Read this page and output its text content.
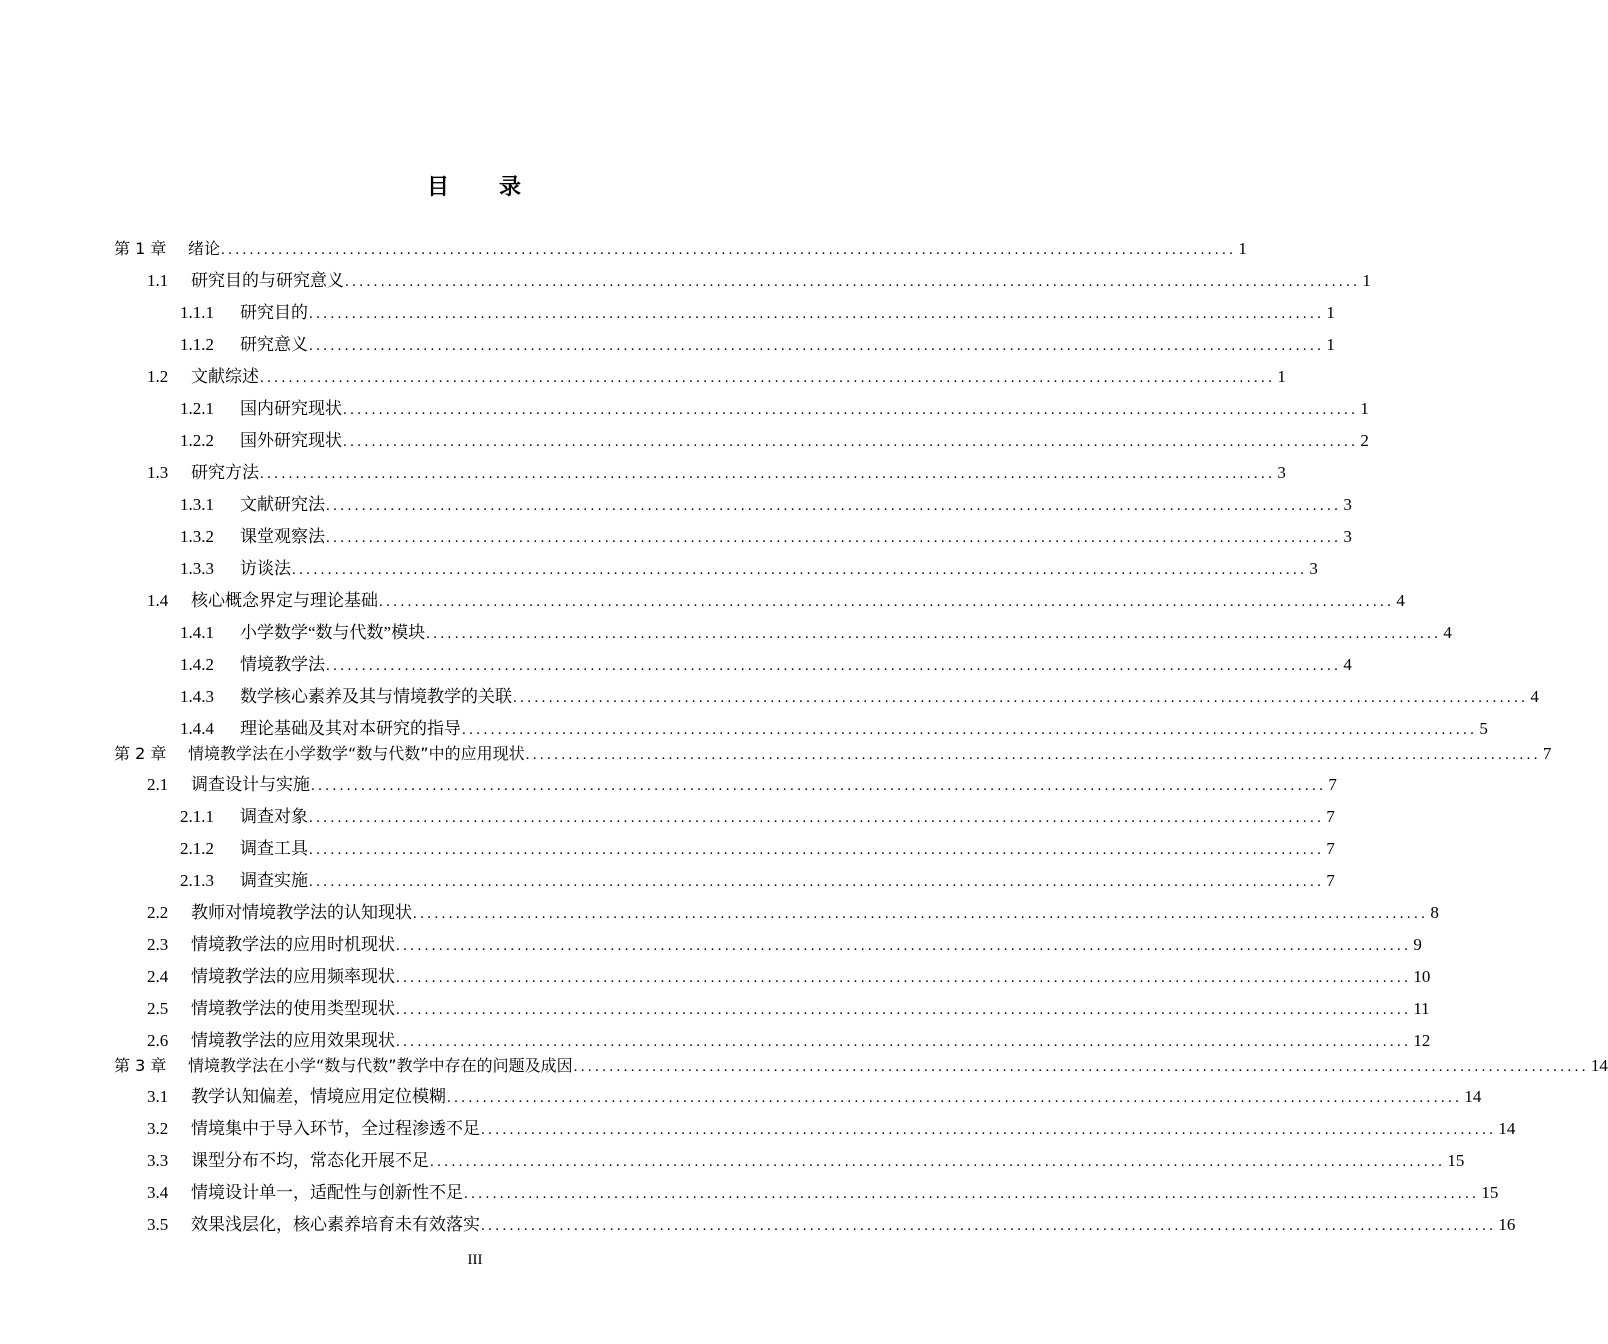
目　　录
第 1 章	绪论 .............................................................................................................................................. 1
1.1	研究目的与研究意义 .............................................................................................................................................. 1
1.1.1	研究目的 .............................................................................................................................................. 1
1.1.2	研究意义 .............................................................................................................................................. 1
1.2	文献综述 .............................................................................................................................................. 1
1.2.1	国内研究现状 .............................................................................................................................................. 1
1.2.2	国外研究现状 .............................................................................................................................................. 2
1.3	研究方法 .............................................................................................................................................. 3
1.3.1	文献研究法 .............................................................................................................................................. 3
1.3.2	课堂观察法 .............................................................................................................................................. 3
1.3.3	访谈法 .............................................................................................................................................. 3
1.4	核心概念界定与理论基础 .............................................................................................................................................. 4
1.4.1	小学数学“数与代数”模块 .............................................................................................................................................. 4
1.4.2	情境教学法 .............................................................................................................................................. 4
1.4.3	数学核心素养及其与情境教学的关联 .............................................................................................................................................. 4
1.4.4	理论基础及其对本研究的指导 .............................................................................................................................................. 5
第 2 章	情境教学法在小学数学“数与代数”中的应用现状 .............................................................................................................................................. 7
2.1	调查设计与实施 .............................................................................................................................................. 7
2.1.1	调查对象 .............................................................................................................................................. 7
2.1.2	调查工具 .............................................................................................................................................. 7
2.1.3	调查实施 .............................................................................................................................................. 7
2.2	教师对情境教学法的认知现状 .............................................................................................................................................. 8
2.3	情境教学法的应用时机现状 .............................................................................................................................................. 9
2.4	情境教学法的应用频率现状 .............................................................................................................................................. 10
2.5	情境教学法的使用类型现状 .............................................................................................................................................. 11
2.6	情境教学法的应用效果现状 .............................................................................................................................................. 12
第 3 章	情境教学法在小学“数与代数”教学中存在的问题及成因 .............................................................................................................................................. 14
3.1	教学认知偏差，情境应用定位模糊 .............................................................................................................................................. 14
3.2	情境集中于导入环节，全过程渗透不足 .............................................................................................................................................. 14
3.3	课型分布不均，常态化开展不足 .............................................................................................................................................. 15
3.4	情境设计单一，适配性与创新性不足 .............................................................................................................................................. 15
3.5	效果浅层化，核心素养培育未有效落实 .............................................................................................................................................. 16
III
